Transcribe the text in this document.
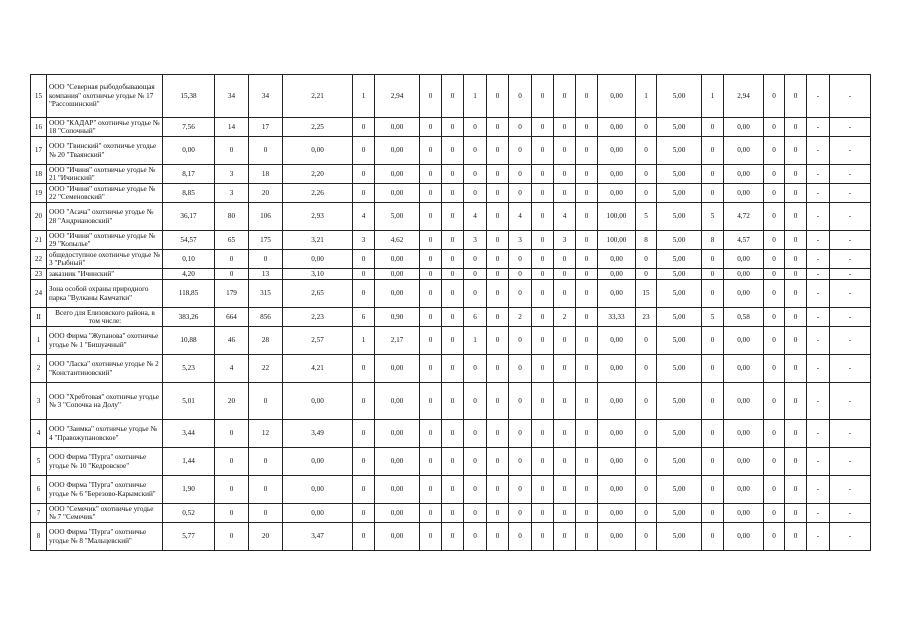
15	ООО "Северная рыбодобывающая компания" охотничье угодье № 17 "Рассошинский"	15,38	34	34	2,21	1	2,94	0	0	1	0	0	0	0	0	0,00	1	5,00	1	2,94	0	0	-	-
16	ООО "КАДАР" охотничье угодье № 18 "Сопочный"	7,56	14	17	2,25	0	0,00	0	0	0	0	0	0	0	0	0,00	0	5,00	0	0,00	0	0	-	-
17	ООО "Гвинский" охотничье угодье № 20 "Тваянский"	0,00	0	0	0,00	0	0,00	0	0	0	0	0	0	0	0	0,00	0	5,00	0	0,00	0	0	-	-
18	ООО "Ичиня" охотничье угодье № 21 "Ичинский"	8,17	3	18	2,20	0	0,00	0	0	0	0	0	0	0	0	0,00	0	5,00	0	0,00	0	0	-	-
19	ООО "Ичиня" охотничье угодье № 22 "Семеновский"	8,85	3	20	2,26	0	0,00	0	0	0	0	0	0	0	0	0,00	0	5,00	0	0,00	0	0	-	-
20	ООО "Асача" охотничье угодье № 28 "Андриановский"	36,17	80	106	2,93	4	5,00	0	0	4	0	4	0	4	0	100,00	5	5,00	5	4,72	0	0	-	-
21	ООО "Ичиня" охотничье угодье № 29 "Копылье"	54,57	65	175	3,21	3	4,62	0	0	3	0	3	0	3	0	100,00	8	5,00	8	4,57	0	0	-	-
22	общедоступное охотничье угодье № 3 "Рыбный"	0,10	0	0	0,00	0	0,00	0	0	0	0	0	0	0	0	0,00	0	5,00	0	0,00	0	0	-	-
23	заказник "Ичинский"	4,20	0	13	3,10	0	0,00	0	0	0	0	0	0	0	0	0,00	0	5,00	0	0,00	0	0	-	-
24	Зона особой охраны природного парка "Вулканы Камчатки"	118,85	179	315	2,65	0	0,00	0	0	0	0	0	0	0	0	0,00	15	5,00	0	0,00	0	0	-	-
II	Всего для Елизовского района, в том числе:	383,26	664	856	2,23	6	0,90	0	0	6	0	2	0	2	0	33,33	23	5,00	5	0,58	0	0	-	-
1	ООО Фирма "Жупанова" охотничье угодье № 1 "Бишуачный"	10,88	46	28	2,57	1	2,17	0	0	1	0	0	0	0	0	0,00	0	5,00	0	0,00	0	0	-	-
2	ООО "Ласка" охотничье угодье № 2 "Константиновский"	5,23	4	22	4,21	0	0,00	0	0	0	0	0	0	0	0	0,00	0	5,00	0	0,00	0	0	-	-
3	ООО "Хребтовая" охотничье угодье № 3 "Сопочка на Долу"	5,01	20	0	0,00	0	0,00	0	0	0	0	0	0	0	0	0,00	0	5,00	0	0,00	0	0	-	-
4	ООО "Заимка" охотничье угодье № 4 "Правожупановское"	3,44	0	12	3,49	0	0,00	0	0	0	0	0	0	0	0	0,00	0	5,00	0	0,00	0	0	-	-
5	ООО Фирма "Пурга" охотничье угодье № 10 "Кедровское"	1,44	0	0	0,00	0	0,00	0	0	0	0	0	0	0	0	0,00	0	5,00	0	0,00	0	0	-	-
6	ООО Фирма "Пурга" охотничье угодье № 6 "Березово-Карымский"	1,90	0	0	0,00	0	0,00	0	0	0	0	0	0	0	0	0,00	0	5,00	0	0,00	0	0	-	-
7	ООО "Семечик" охотничье угодье № 7 "Семечик"	0,52	0	0	0,00	0	0,00	0	0	0	0	0	0	0	0	0,00	0	5,00	0	0,00	0	0	-	-
8	ООО Фирма "Пурга" охотничье угодье № 8 "Мальцевский"	5,77	0	20	3,47	0	0,00	0	0	0	0	0	0	0	0	0,00	0	5,00	0	0,00	0	0	-	-
